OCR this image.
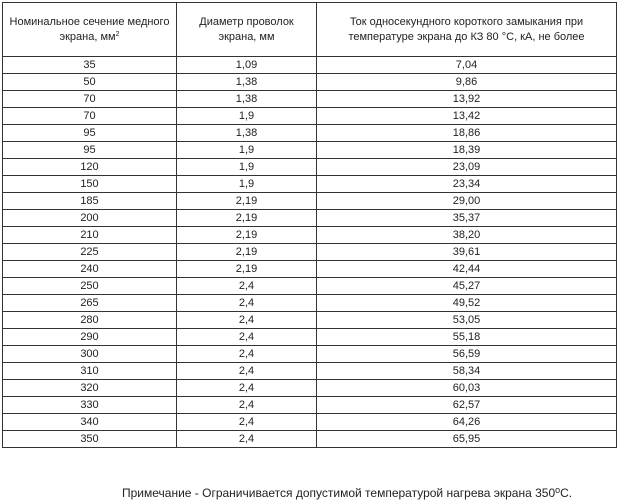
Номинальное сечение медного экрана, $мм^2$	Диаметр проволок экрана, мм	Ток односекундного короткого замыкания при температуре экрана до КЗ 80 °С, кА, не более
35	1,09	7,04
50	1,38	9,86
70	1,38	13,92
70	1,9	13,42
95	1,38	18,86
95	1,9	18,39
120	1,9	23,09
150	1,9	23,34
185	2,19	29,00
200	2,19	35,37
210	2,19	38,20
225	2,19	39,61
240	2,19	42,44
250	2,4	45,27
265	2,4	49,52
280	2,4	53,05
290	2,4	55,18
300	2,4	56,59
310	2,4	58,34
320	2,4	60,03
330	2,4	62,57
340	2,4	64,26
350	2,4	65,95
Примечание - Ограничивается допустимой температурой нагрева экрана $350^оС$.
